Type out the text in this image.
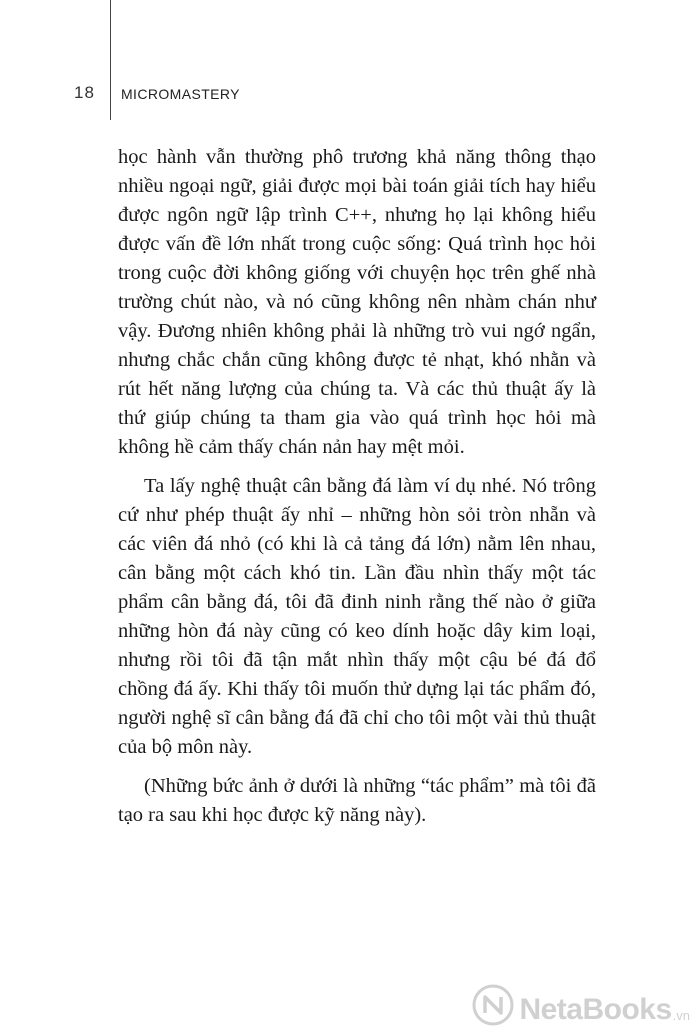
18 MICROMASTERY

học hành vẫn thường phô trương khả năng thông thạo nhiều ngoại ngữ, giải được mọi bài toán giải tích hay hiểu được ngôn ngữ lập trình C++, nhưng họ lại không hiểu được vấn đề lớn nhất trong cuộc sống: Quá trình học hỏi trong cuộc đời không giống với chuyện học trên ghế nhà trường chút nào, và nó cũng không nên nhàm chán như vậy. Đương nhiên không phải là những trò vui ngớ ngẩn, nhưng chắc chắn cũng không được tẻ nhạt, khó nhằn và rút hết năng lượng của chúng ta. Và các thủ thuật ấy là thứ giúp chúng ta tham gia vào quá trình học hỏi mà không hề cảm thấy chán nản hay mệt mỏi.

Ta lấy nghệ thuật cân bằng đá làm ví dụ nhé. Nó trông cứ như phép thuật ấy nhỉ – những hòn sỏi tròn nhẵn và các viên đá nhỏ (có khi là cả tảng đá lớn) nằm lên nhau, cân bằng một cách khó tin. Lần đầu nhìn thấy một tác phẩm cân bằng đá, tôi đã đinh ninh rằng thế nào ở giữa những hòn đá này cũng có keo dính hoặc dây kim loại, nhưng rồi tôi đã tận mắt nhìn thấy một cậu bé đá đổ chồng đá ấy. Khi thấy tôi muốn thử dựng lại tác phẩm đó, người nghệ sĩ cân bằng đá đã chỉ cho tôi một vài thủ thuật của bộ môn này.

(Những bức ảnh ở dưới là những “tác phẩm” mà tôi đã tạo ra sau khi học được kỹ năng này).

NetaBooks .vn
